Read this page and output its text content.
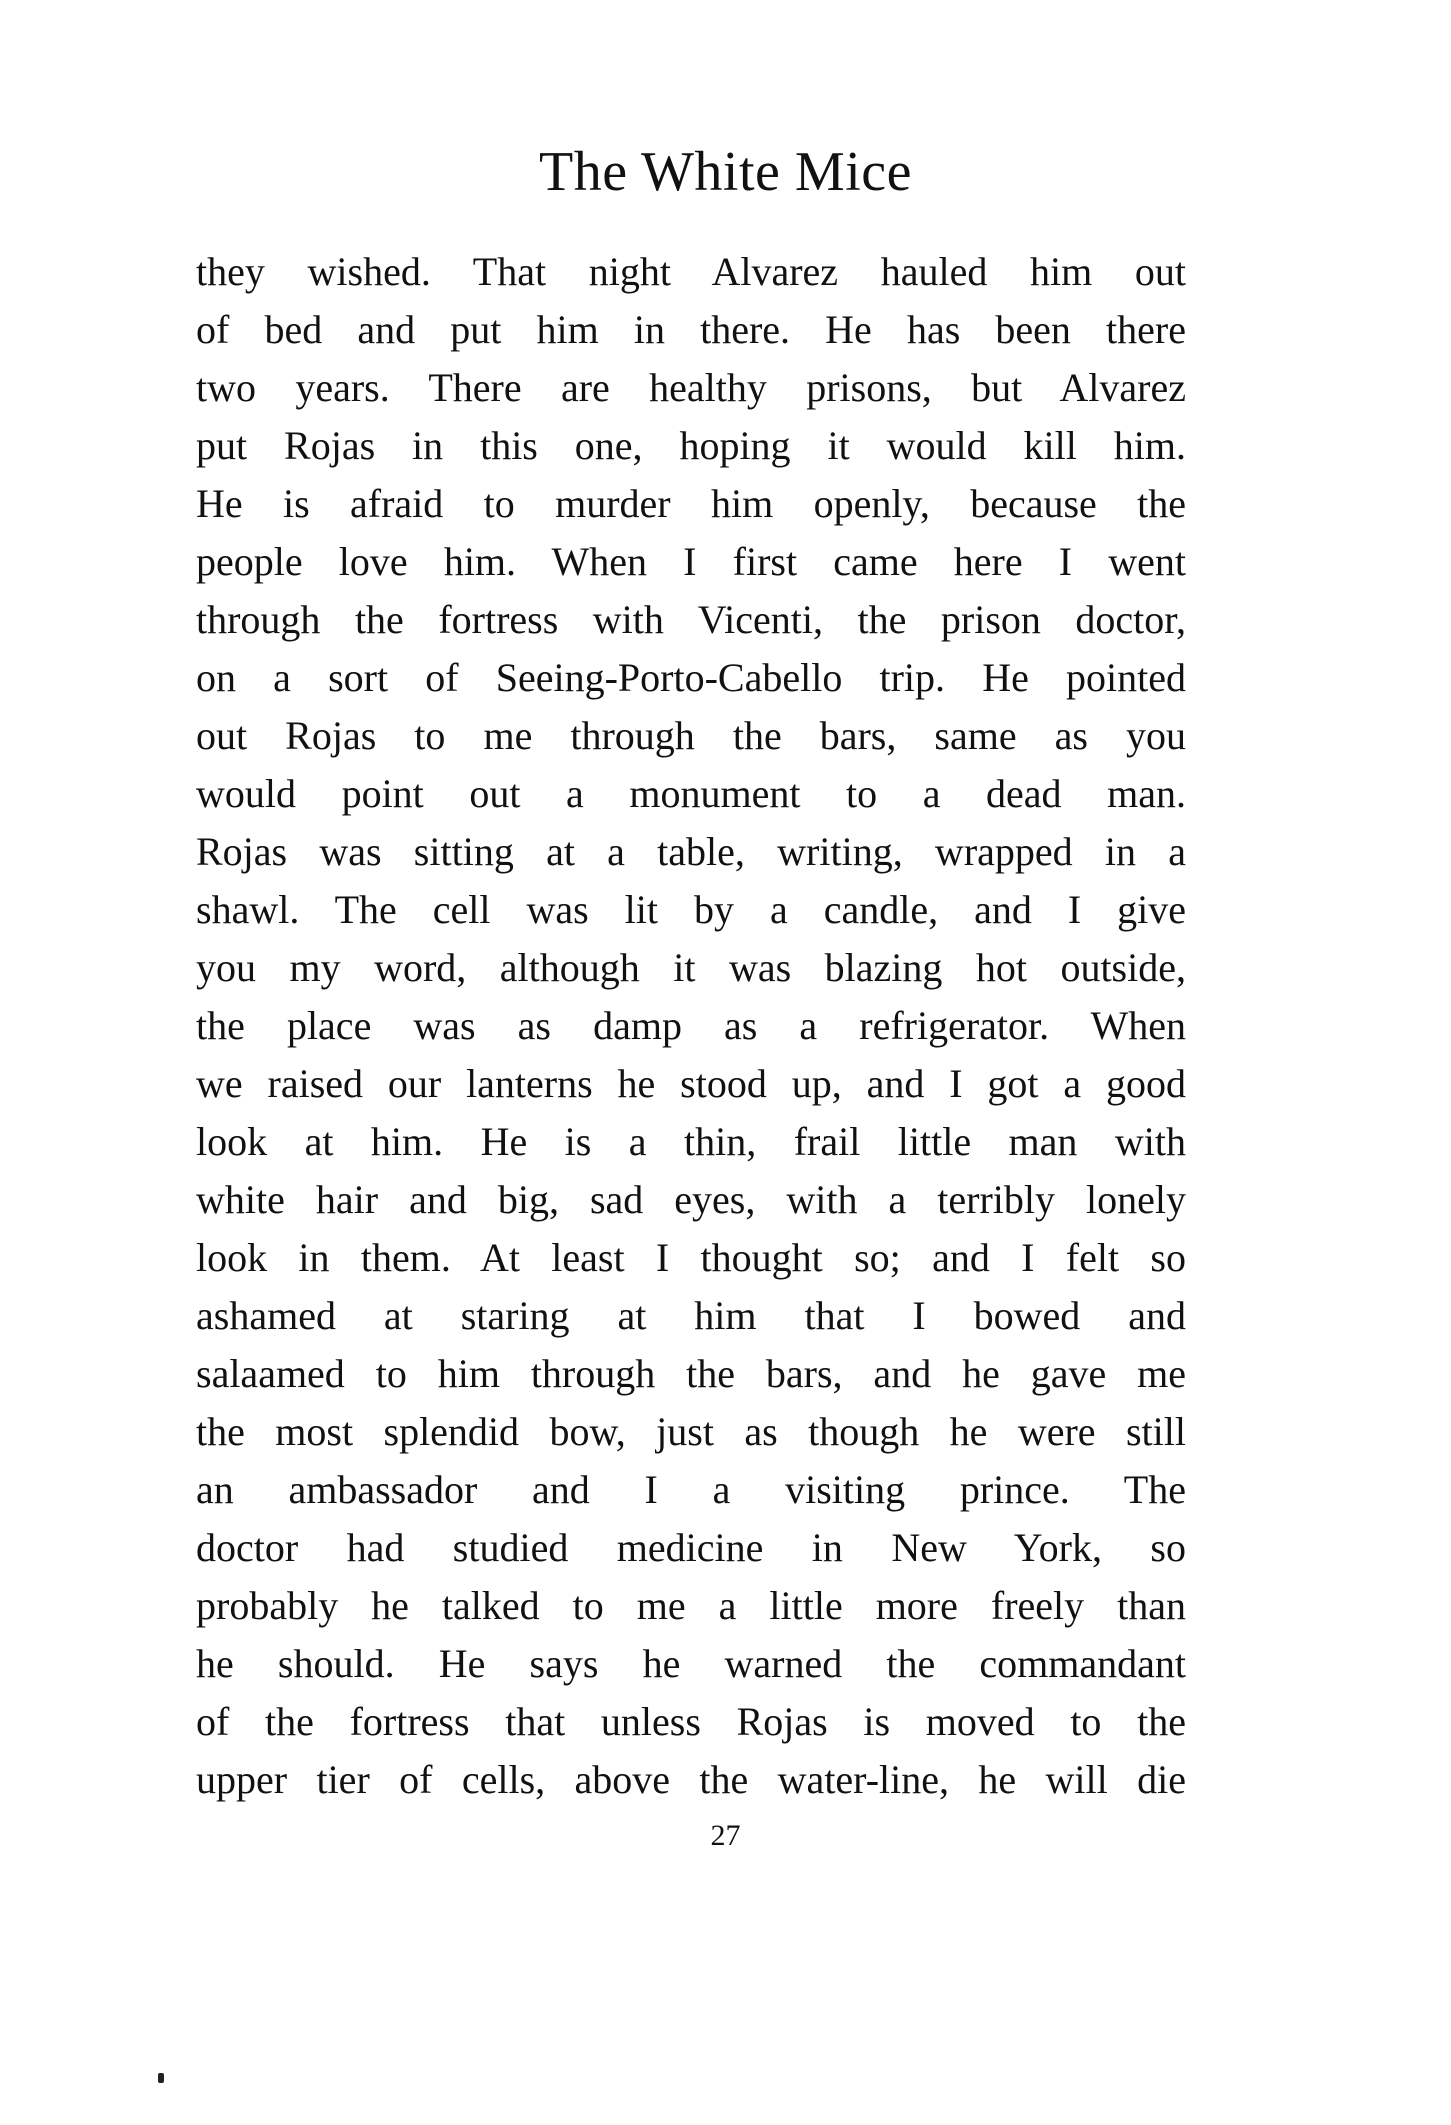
The White Mice
they wished. That night Alvarez hauled him out
of bed and put him in there. He has been there
two years. There are healthy prisons, but Alvarez
put Rojas in this one, hoping it would kill him.
He is afraid to murder him openly, because the
people love him. When I first came here I went
through the fortress with Vicenti, the prison doctor,
on a sort of Seeing-Porto-Cabello trip. He pointed
out Rojas to me through the bars, same as you
would point out a monument to a dead man.
Rojas was sitting at a table, writing, wrapped in a
shawl. The cell was lit by a candle, and I give
you my word, although it was blazing hot outside,
the place was as damp as a refrigerator. When
we raised our lanterns he stood up, and I got a good
look at him. He is a thin, frail little man with
white hair and big, sad eyes, with a terribly lonely
look in them. At least I thought so; and I felt so
ashamed at staring at him that I bowed and
salaamed to him through the bars, and he gave me
the most splendid bow, just as though he were still
an ambassador and I a visiting prince. The
doctor had studied medicine in New York, so
probably he talked to me a little more freely than
he should. He says he warned the commandant
of the fortress that unless Rojas is moved to the
upper tier of cells, above the water-line, he will die
27
